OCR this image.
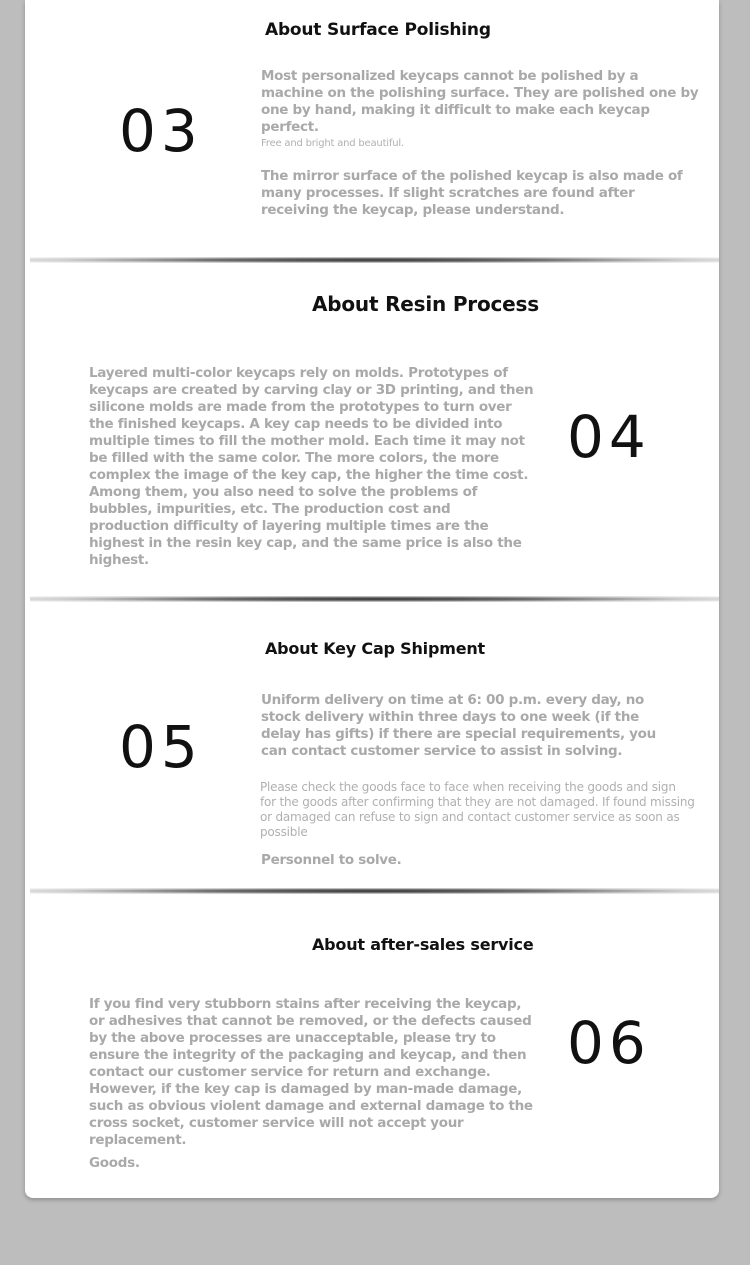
About Surface Polishing
03

Most personalized keycaps cannot be polished by a machine on the polishing surface. They are polished one by one by hand, making it difficult to make each keycap perfect.

Free and bright and beautiful.

The mirror surface of the polished keycap is also made of many processes. If slight scratches are found after receiving the keycap, please understand.

About Resin Process

Layered multi-color keycaps rely on molds. Prototypes of keycaps are created by carving clay or 3D printing, and then silicone molds are made from the prototypes to turn over the finished keycaps. A key cap needs to be divided into multiple times to fill the mother mold. Each time it may not be filled with the same color. The more colors, the more complex the image of the key cap, the higher the time cost. Among them, you also need to solve the problems of bubbles, impurities, etc. The production cost and production difficulty of layering multiple times are the highest in the resin key cap, and the same price is also the highest.

04
About Key Cap Shipment
05

Uniform delivery on time at 6: 00 p.m. every day, no stock delivery within three days to one week (if the delay has gifts) if there are special requirements, you can contact customer service to assist in solving.

Please check the goods face to face when receiving the goods and sign for the goods after confirming that they are not damaged. If found missing or damaged can refuse to sign and contact customer service as soon as possible

Personnel to solve.

About after-sales service

If you find very stubborn stains after receiving the keycap, or adhesives that cannot be removed, or the defects caused by the above processes are unacceptable, please try to ensure the integrity of the packaging and keycap, and then contact our customer service for return and exchange. However, if the key cap is damaged by man-made damage, such as obvious violent damage and external damage to the cross socket, customer service will not accept your replacement.

06

Goods.
